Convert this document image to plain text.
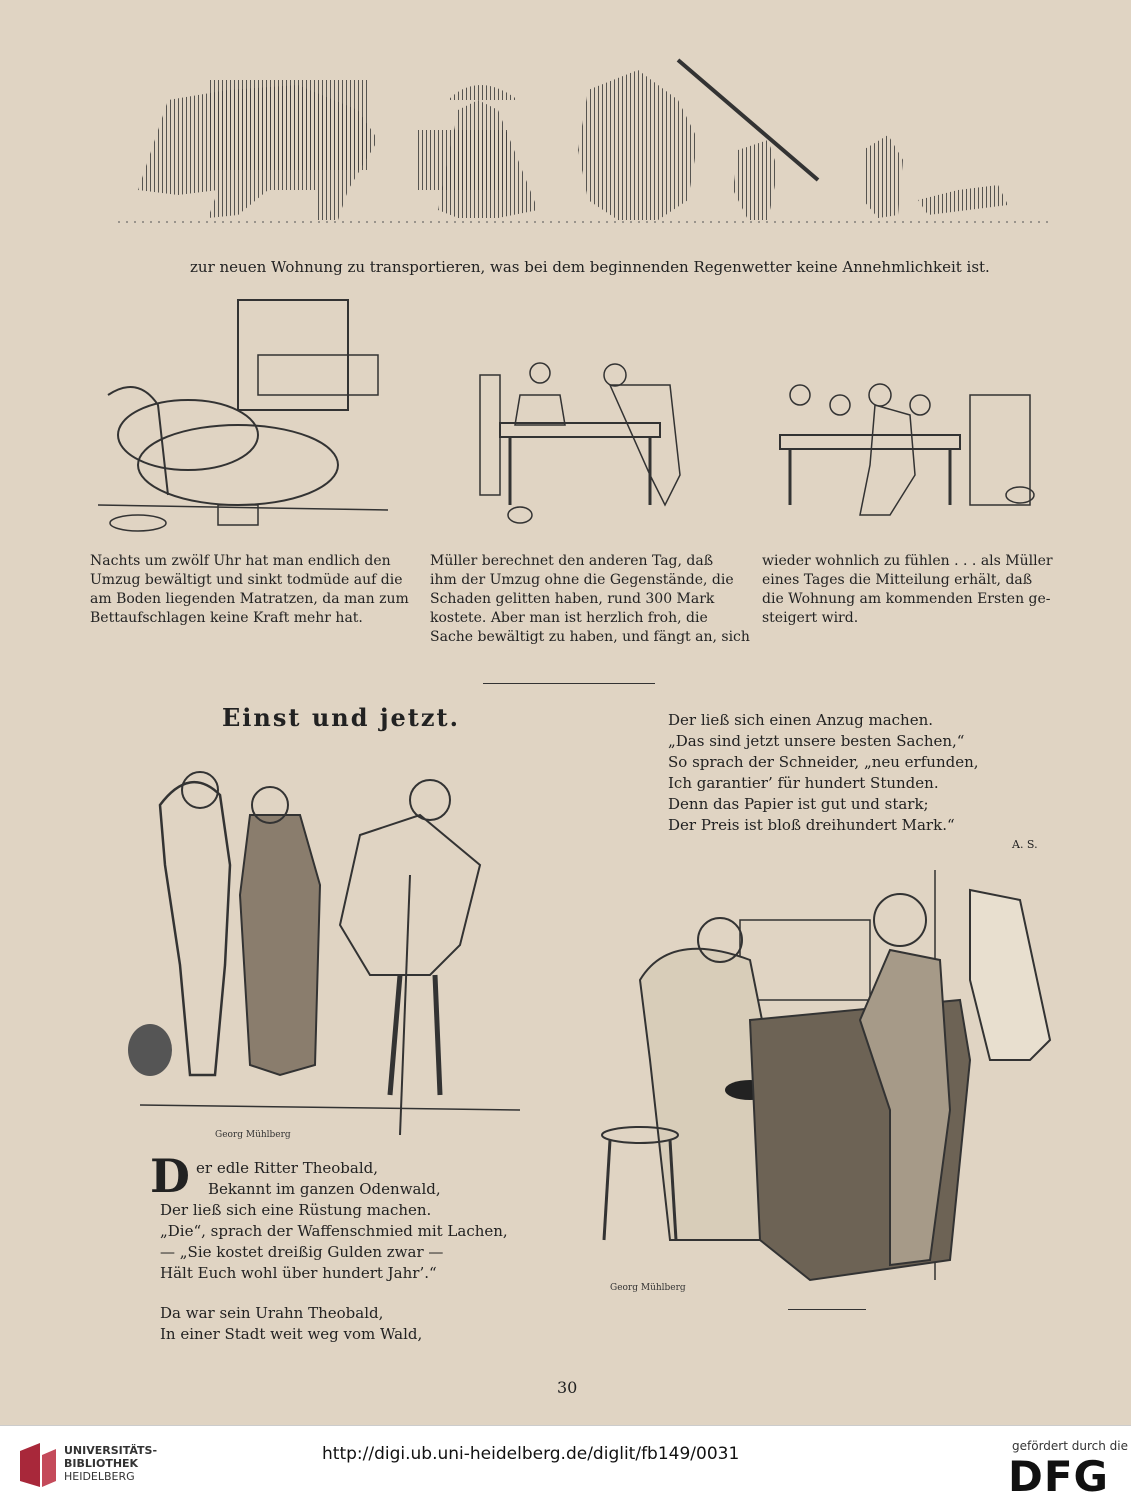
zur neuen Wohnung zu transportieren, was bei dem beginnenden Regenwetter keine Annehmlichkeit ist.
Nachts um zwölf Uhr hat man endlich den
Umzug bewältigt und sinkt todmüde auf die
am Boden liegenden Matratzen, da man zum
Bettaufschlagen keine Kraft mehr hat.
Müller berechnet den anderen Tag, daß
ihm der Umzug ohne die Gegenstände, die
Schaden gelitten haben, rund 300 Mark
kostete. Aber man ist herzlich froh, die
Sache bewältigt zu haben, und fängt an, sich
wieder wohnlich zu fühlen . . . als Müller
eines Tages die Mitteilung erhält, daß
die Wohnung am kommenden Ersten ge-
steigert wird.
Einst und jetzt.
Georg Mühlberg
D er edle Ritter Theobald,
Bekannt im ganzen Odenwald,
Der ließ sich eine Rüstung machen.
„Die“, sprach der Waffenschmied mit Lachen,
— „Sie kostet dreißig Gulden zwar —
Hält Euch wohl über hundert Jahr’.“
Da war sein Urahn Theobald,
In einer Stadt weit weg vom Wald,
Der ließ sich einen Anzug machen.
„Das sind jetzt unsere besten Sachen,“
So sprach der Schneider, „neu erfunden,
Ich garantier’ für hundert Stunden.
Denn das Papier ist gut und stark;
Der Preis ist bloß dreihundert Mark.“
A. S.
Georg Mühlberg
30
UNIVERSITÄTS-
BIBLIOTHEK
HEIDELBERG
http://digi.ub.uni-heidelberg.de/diglit/fb149/0031	gefördert durch die
DFG
